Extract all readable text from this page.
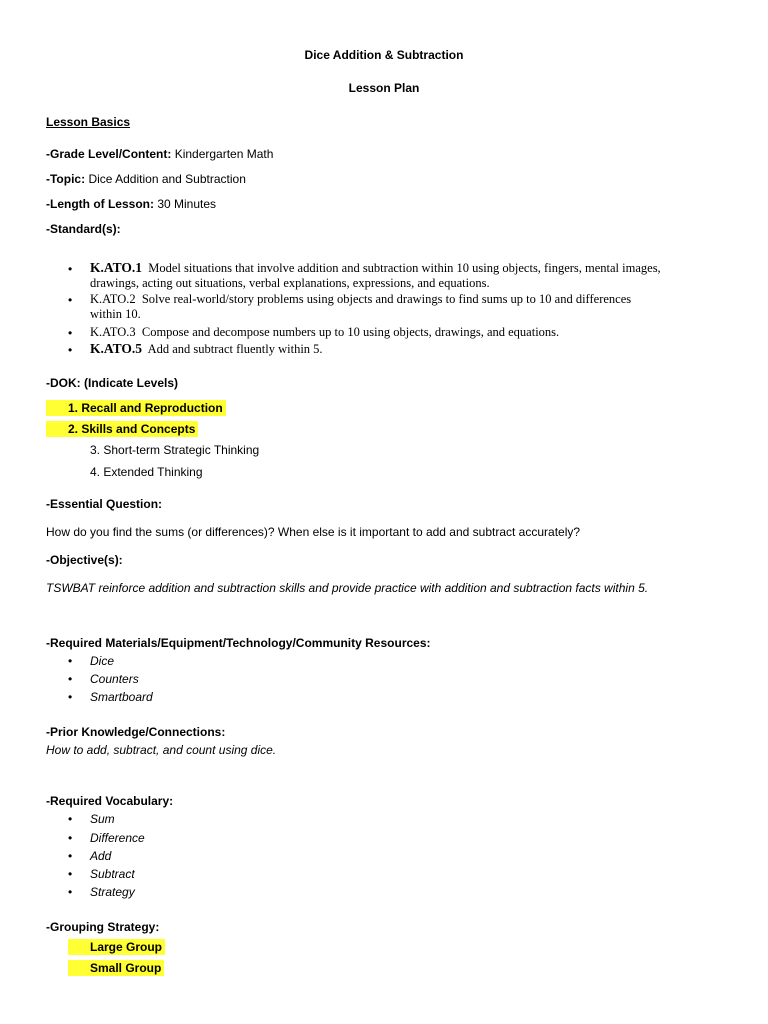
Dice Addition & Subtraction
Lesson Plan
Lesson Basics
-Grade Level/Content: Kindergarten Math
-Topic: Dice Addition and Subtraction
-Length of Lesson: 30 Minutes
-Standard(s):
• K.ATO.1 Model situations that involve addition and subtraction within 10 using objects, fingers, mental images,
drawings, acting out situations, verbal explanations, expressions, and equations.
• K.ATO.2 Solve real-world/story problems using objects and drawings to find sums up to 10 and differences
within 10.
• K.ATO.3 Compose and decompose numbers up to 10 using objects, drawings, and equations.
• K.ATO.5 Add and subtract fluently within 5.
-DOK: (Indicate Levels)
1. Recall and Reproduction
2. Skills and Concepts
3. Short-term Strategic Thinking
4. Extended Thinking
-Essential Question:
How do you find the sums (or differences)? When else is it important to add and subtract accurately?
-Objective(s):
TSWBAT reinforce addition and subtraction skills and provide practice with addition and subtraction facts within 5.
-Required Materials/Equipment/Technology/Community Resources:
• Dice
• Counters
• Smartboard
-Prior Knowledge/Connections:
How to add, subtract, and count using dice.
-Required Vocabulary:
• Sum
• Difference
• Add
• Subtract
• Strategy
-Grouping Strategy:
Large Group
Small Group
